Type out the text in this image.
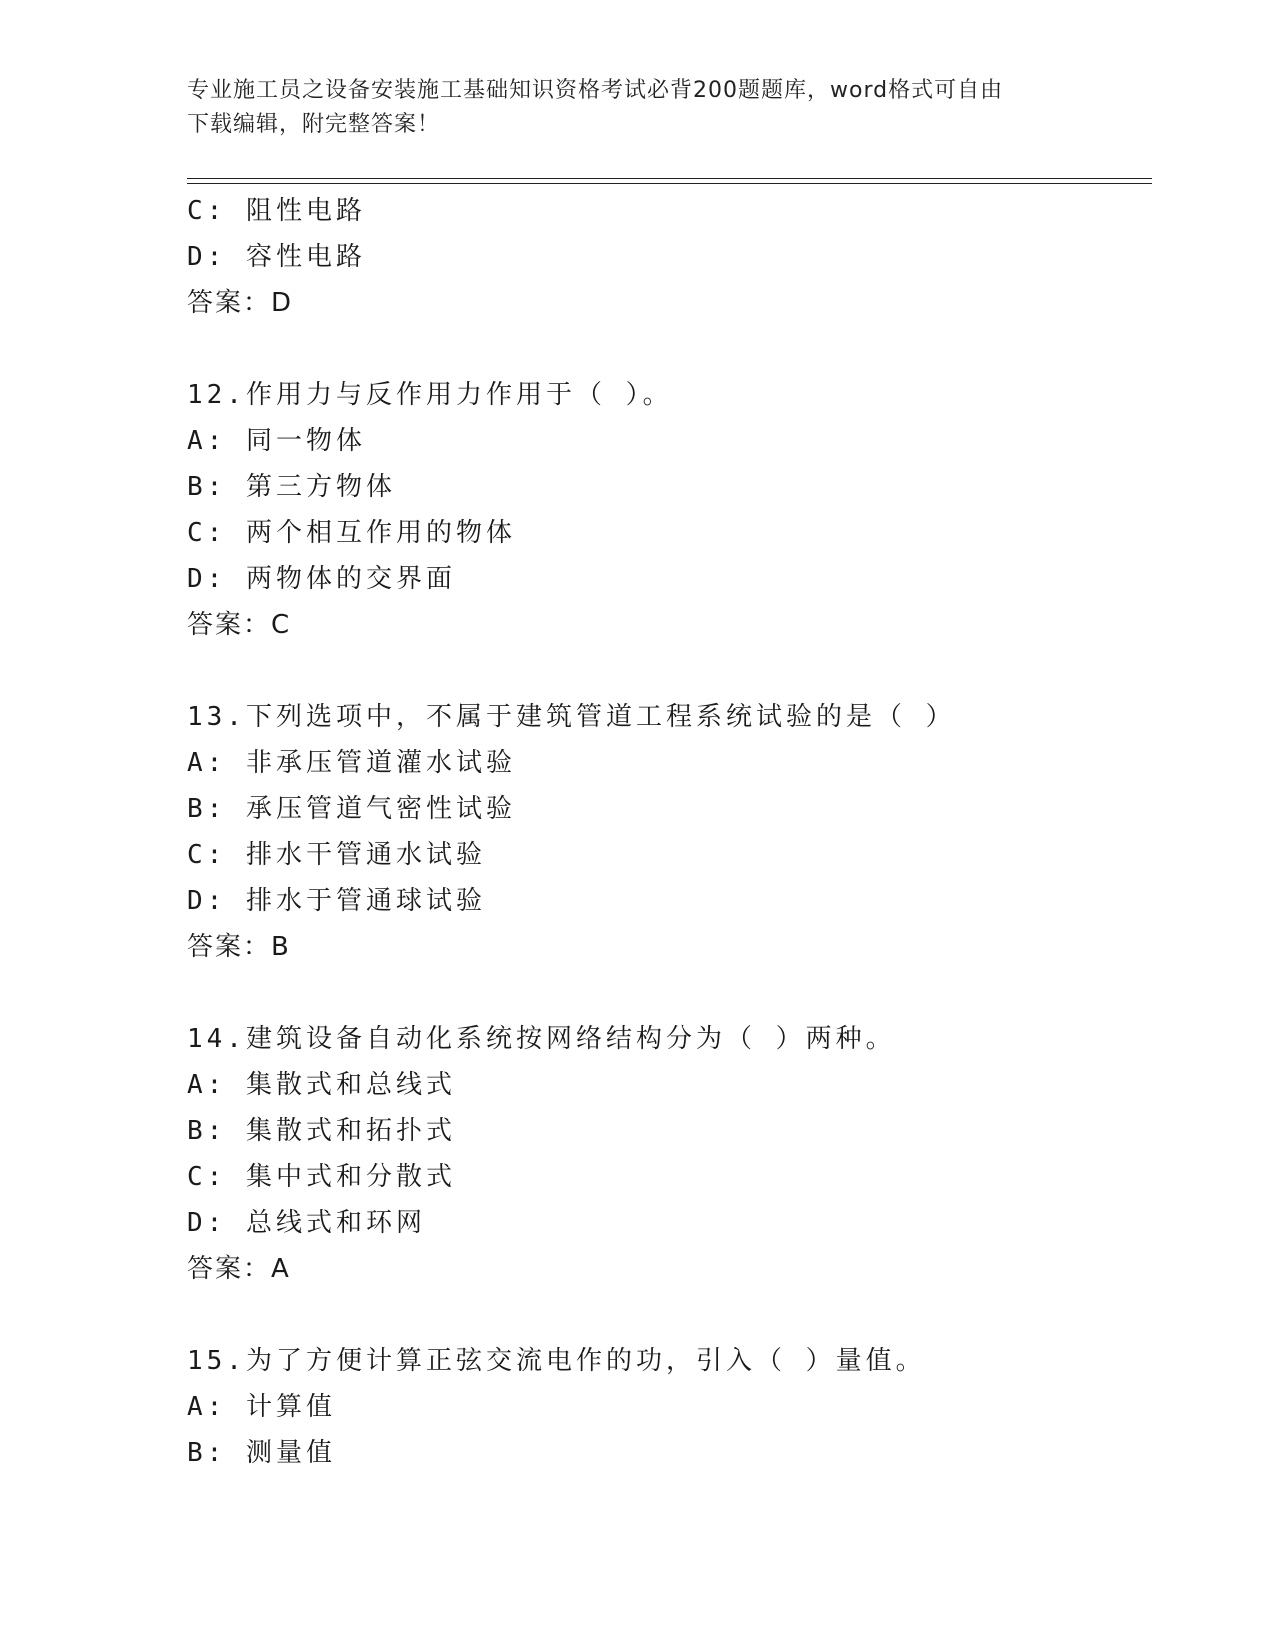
专业施工员之设备安装施工基础知识资格考试必背200题题库，word格式可自由
下载编辑，附完整答案！
C: 阻性电路
D: 容性电路
答案：D
12.作用力与反作用力作用于（ ）。
A: 同一物体
B: 第三方物体
C: 两个相互作用的物体
D: 两物体的交界面
答案：C
13.下列选项中，不属于建筑管道工程系统试验的是（ ）
A: 非承压管道灌水试验
B: 承压管道气密性试验
C: 排水干管通水试验
D: 排水于管通球试验
答案：B
14.建筑设备自动化系统按网络结构分为（ ）两种。
A: 集散式和总线式
B: 集散式和拓扑式
C: 集中式和分散式
D: 总线式和环网
答案：A
15.为了方便计算正弦交流电作的功，引入（ ）量值。
A: 计算值
B: 测量值
